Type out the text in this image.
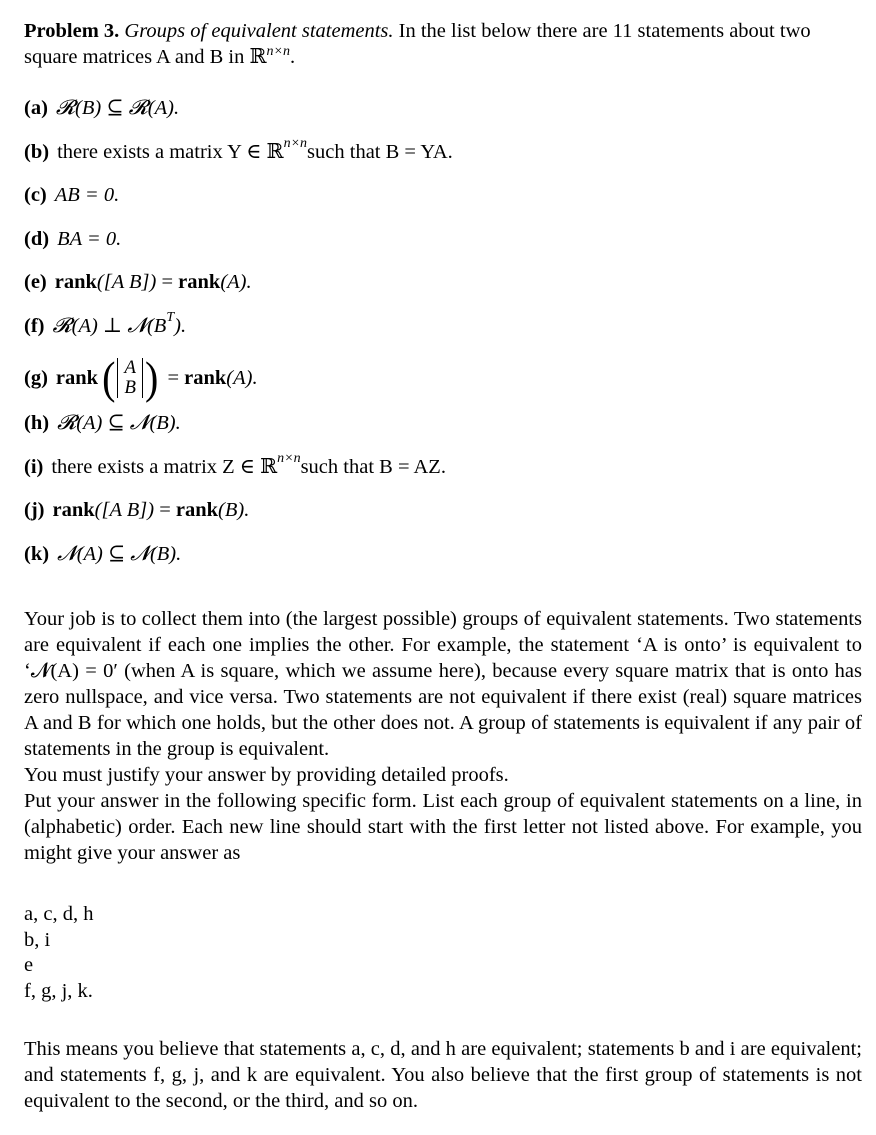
Problem 3. Groups of equivalent statements. In the list below there are 11 statements about two square matrices A and B in ℝ$^{n\times n}$.

(a) 𝓡(B) ⊆ 𝓡(A).
(b) there exists a matrix Y ∈ ℝ n×n such that B = YA.
(c) AB = 0.
(d) BA = 0.
(e) rank ([A B])
=
rank (A).
(f) 𝓡(A) ⊥ 𝓝(B T ).
(g) rank ( A
B )
=
rank (A).
(h) 𝓡(A) ⊆ 𝓝(B).
(i) there exists a matrix Z ∈ ℝ n×n such that B = AZ.
(j) rank ([A B])
=
rank (B).
(k) 𝓝(A) ⊆ 𝓝(B).

Your job is to collect them into (the largest possible) groups of equivalent statements. Two statements are equivalent if each one implies the other. For example, the statement ‘A is onto’ is equivalent to ‘𝓝(A) = 0′ (when A is square, which we assume here), because every square matrix that is onto has zero nullspace, and vice versa. Two statements are not equivalent if there exist (real) square matrices A and B for which one holds, but the other does not. A group of statements is equivalent if any pair of statements in the group is equivalent.

You must justify your answer by providing detailed proofs.

Put your answer in the following specific form. List each group of equivalent statements on a line, in (alphabetic) order. Each new line should start with the first letter not listed above. For example, you might give your answer as

a, c, d, h
b, i
e
f, g, j, k.

This means you believe that statements a, c, d, and h are equivalent; statements b and i are equivalent; and statements f, g, j, and k are equivalent. You also believe that the first group of statements is not equivalent to the second, or the third, and so on.
